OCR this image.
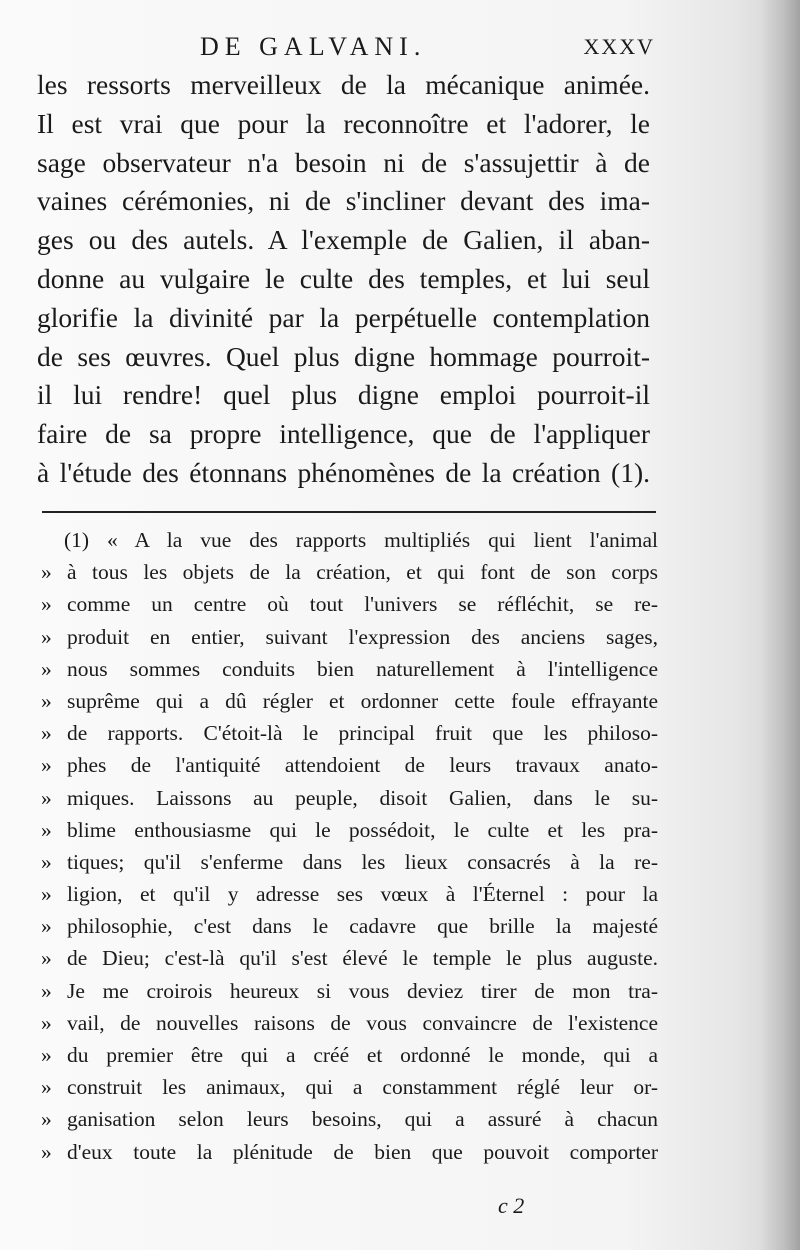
DE GALVANI.	XXXV
les ressorts merveilleux de la mécanique animée.
Il est vrai que pour la reconnoître et l'adorer, le
sage observateur n'a besoin ni de s'assujettir à de
vaines cérémonies, ni de s'incliner devant des ima-
ges ou des autels. A l'exemple de Galien, il aban-
donne au vulgaire le culte des temples, et lui seul
glorifie la divinité par la perpétuelle contemplation
de ses œuvres. Quel plus digne hommage pourroit-
il lui rendre! quel plus digne emploi pourroit-il
faire de sa propre intelligence, que de l'appliquer
à l'étude des étonnans phénomènes de la création (1).
(1) « A la vue des rapports multipliés qui lient l'animal
» à tous les objets de la création, et qui font de son corps
» comme un centre où tout l'univers se réfléchit, se re-
» produit en entier, suivant l'expression des anciens sages,
» nous sommes conduits bien naturellement à l'intelligence
» suprême qui a dû régler et ordonner cette foule effrayante
» de rapports. C'étoit-là le principal fruit que les philoso-
» phes de l'antiquité attendoient de leurs travaux anato-
» miques. Laissons au peuple, disoit Galien, dans le su-
» blime enthousiasme qui le possédoit, le culte et les pra-
» tiques; qu'il s'enferme dans les lieux consacrés à la re-
» ligion, et qu'il y adresse ses vœux à l'Éternel : pour la
» philosophie, c'est dans le cadavre que brille la majesté
» de Dieu; c'est-là qu'il s'est élevé le temple le plus auguste.
» Je me croirois heureux si vous deviez tirer de mon tra-
» vail, de nouvelles raisons de vous convaincre de l'existence
» du premier être qui a créé et ordonné le monde, qui a
» construit les animaux, qui a constamment réglé leur or-
» ganisation selon leurs besoins, qui a assuré à chacun
» d'eux toute la plénitude de bien que pouvoit comporter
c 2
